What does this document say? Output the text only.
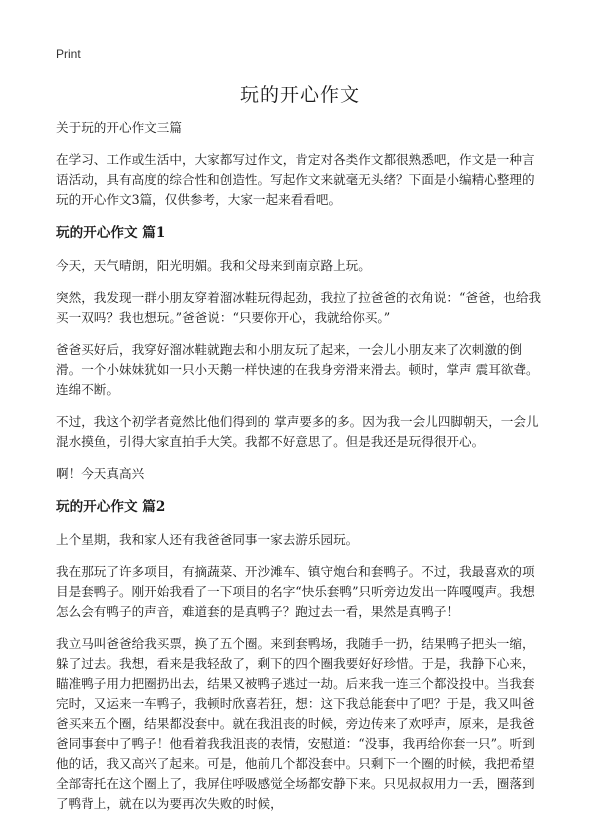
Print
玩的开心作文

关于玩的开心作文三篇

在学习、工作或生活中，大家都写过作文，肯定对各类作文都很熟悉吧，作文是一种言语活动，具有高度的综合性和创造性。写起作文来就毫无头绪？下面是小编精心整理的玩的开心作文3篇，仅供参考，大家一起来看看吧。

玩的开心作文 篇1

今天，天气晴朗，阳光明媚。我和父母来到南京路上玩。

突然，我发现一群小朋友穿着溜冰鞋玩得起劲，我拉了拉爸爸的衣角说：“爸爸，也给我买一双吗？我也想玩。”爸爸说：“只要你开心，我就给你买。”

爸爸买好后，我穿好溜冰鞋就跑去和小朋友玩了起来，一会儿小朋友来了次刺激的倒滑。一个小妹妹犹如一只小天鹅一样快速的在我身旁滑来滑去。顿时，掌声 震耳欲聋。连绵不断。

不过，我这个初学者竟然比他们得到的 掌声要多的多。因为我一会儿四脚朝天，一会儿混水摸鱼，引得大家直拍手大笑。我都不好意思了。但是我还是玩得很开心。

啊！今天真高兴

玩的开心作文 篇2

上个星期，我和家人还有我爸爸同事一家去游乐园玩。

我在那玩了许多项目，有摘蔬菜、开沙滩车、镇守炮台和套鸭子。不过，我最喜欢的项目是套鸭子。刚开始我看了一下项目的名字“快乐套鸭”只听旁边发出一阵嘎嘎声。我想怎么会有鸭子的声音，难道套的是真鸭子？跑过去一看，果然是真鸭子！

我立马叫爸爸给我买票，换了五个圈。来到套鸭场，我随手一扔，结果鸭子把头一缩，躲了过去。我想，看来是我轻敌了，剩下的四个圈我要好好珍惜。于是，我静下心来，瞄准鸭子用力把圈扔出去，结果又被鸭子逃过一劫。后来我一连三个都没投中。当我套完时，又运来一车鸭子，我顿时欣喜若狂，想：这下我总能套中了吧？于是，我又叫爸爸买来五个圈，结果都没套中。就在我沮丧的时候，旁边传来了欢呼声，原来，是我爸爸同事套中了鸭子！他看着我我沮丧的表情，安慰道：“没事，我再给你套一只”。听到他的话，我又高兴了起来。可是，他前几个都没套中。只剩下一个圈的时候，我把希望全部寄托在这个圈上了，我屏住呼吸感觉全场都安静下来。只见叔叔用力一丢，圈落到了鸭背上，就在以为要再次失败的时候，
